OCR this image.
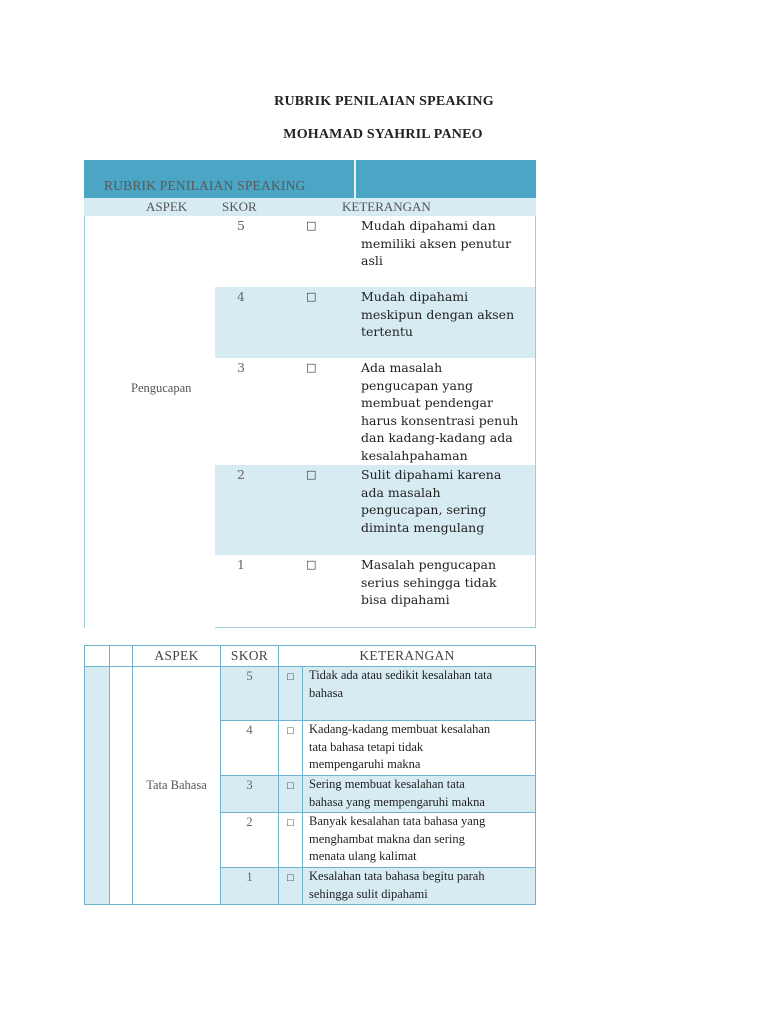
RUBRIK PENILAIAN SPEAKING
MOHAMAD SYAHRIL PANEO
RUBRIK PENILAIAN SPEAKING
ASPEK	SKOR	KETERANGAN
Pengucapan
5	□	Mudah dipahami dan
memiliki aksen penutur
asli
4	□	Mudah dipahami
meskipun dengan aksen
tertentu
3	□	Ada masalah
pengucapan yang
membuat pendengar
harus konsentrasi penuh
dan kadang-kadang ada
kesalahpahaman
2	□	Sulit dipahami karena
ada masalah
pengucapan, sering
diminta mengulang
1	□	Masalah pengucapan
serius sehingga tidak
bisa dipahami
		ASPEK	SKOR	KETERANGAN	
		Tata Bahasa	5	□	Tidak ada atau sedikit kesalahan tata
bahasa

			4	□	Kadang-kadang membuat kesalahan
tata bahasa tetapi tidak
mempengaruhi makna

			3	□	Sering membuat kesalahan tata
bahasa yang mempengaruhi makna

			2	□	Banyak kesalahan tata bahasa yang
menghambat makna dan sering
menata ulang kalimat

			1	□	Kesalahan tata bahasa begitu parah
sehingga sulit dipahami
